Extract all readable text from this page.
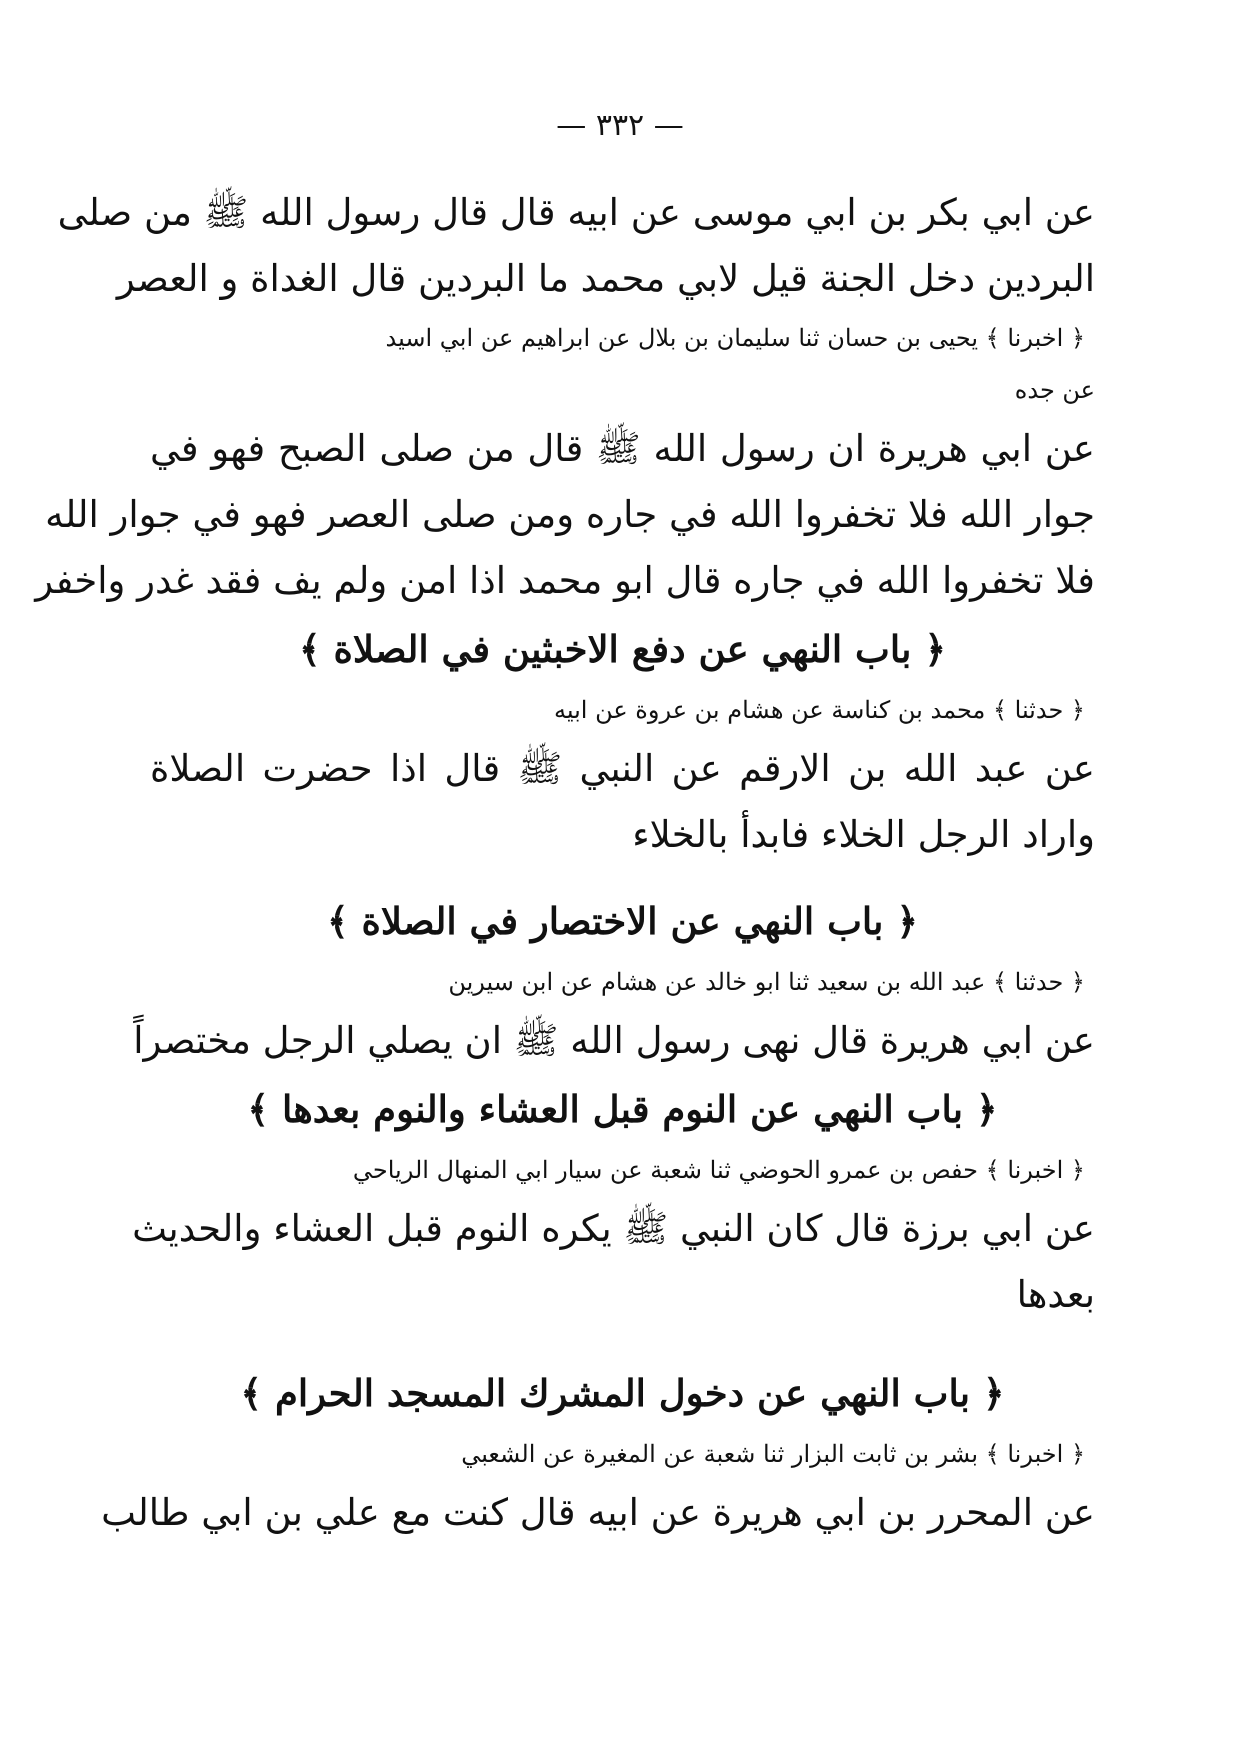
— ٣٣٢ —
عن ابي بكر بن ابي موسى عن ابيه قال قال رسول الله ﷺ من صلى
البردين دخل الجنة قيل لابي محمد ما البردين قال الغداة و العصر
﴿ اخبرنا ﴾ يحيى بن حسان ثنا سليمان بن بلال عن ابراهيم عن ابي اسيد
عن جده
عن ابي هريرة ان رسول الله ﷺ قال من صلى الصبح فهو في
جوار الله فلا تخفروا الله في جاره ومن صلى العصر فهو في جوار الله
فلا تخفروا الله في جاره قال ابو محمد اذا امن ولم يف فقد غدر واخفر
﴿ باب النهي عن دفع الاخبثين في الصلاة ﴾
﴿ حدثنا ﴾ محمد بن كناسة عن هشام بن عروة عن ابيه
عن عبد الله بن الارقم عن النبي ﷺ قال اذا حضرت الصلاة
واراد الرجل الخلاء فابدأ بالخلاء
﴿ باب النهي عن الاختصار في الصلاة ﴾
﴿ حدثنا ﴾ عبد الله بن سعيد ثنا ابو خالد عن هشام عن ابن سيرين
عن ابي هريرة قال نهى رسول الله ﷺ ان يصلي الرجل مختصراً
﴿ باب النهي عن النوم قبل العشاء والنوم بعدها ﴾
﴿ اخبرنا ﴾ حفص بن عمرو الحوضي ثنا شعبة عن سيار ابي المنهال الرياحي
عن ابي برزة قال كان النبي ﷺ يكره النوم قبل العشاء والحديث
بعدها
﴿ باب النهي عن دخول المشرك المسجد الحرام ﴾
﴿ اخبرنا ﴾ بشر بن ثابت البزار ثنا شعبة عن المغيرة عن الشعبي
عن المحرر بن ابي هريرة عن ابيه قال كنت مع علي بن ابي طالب
